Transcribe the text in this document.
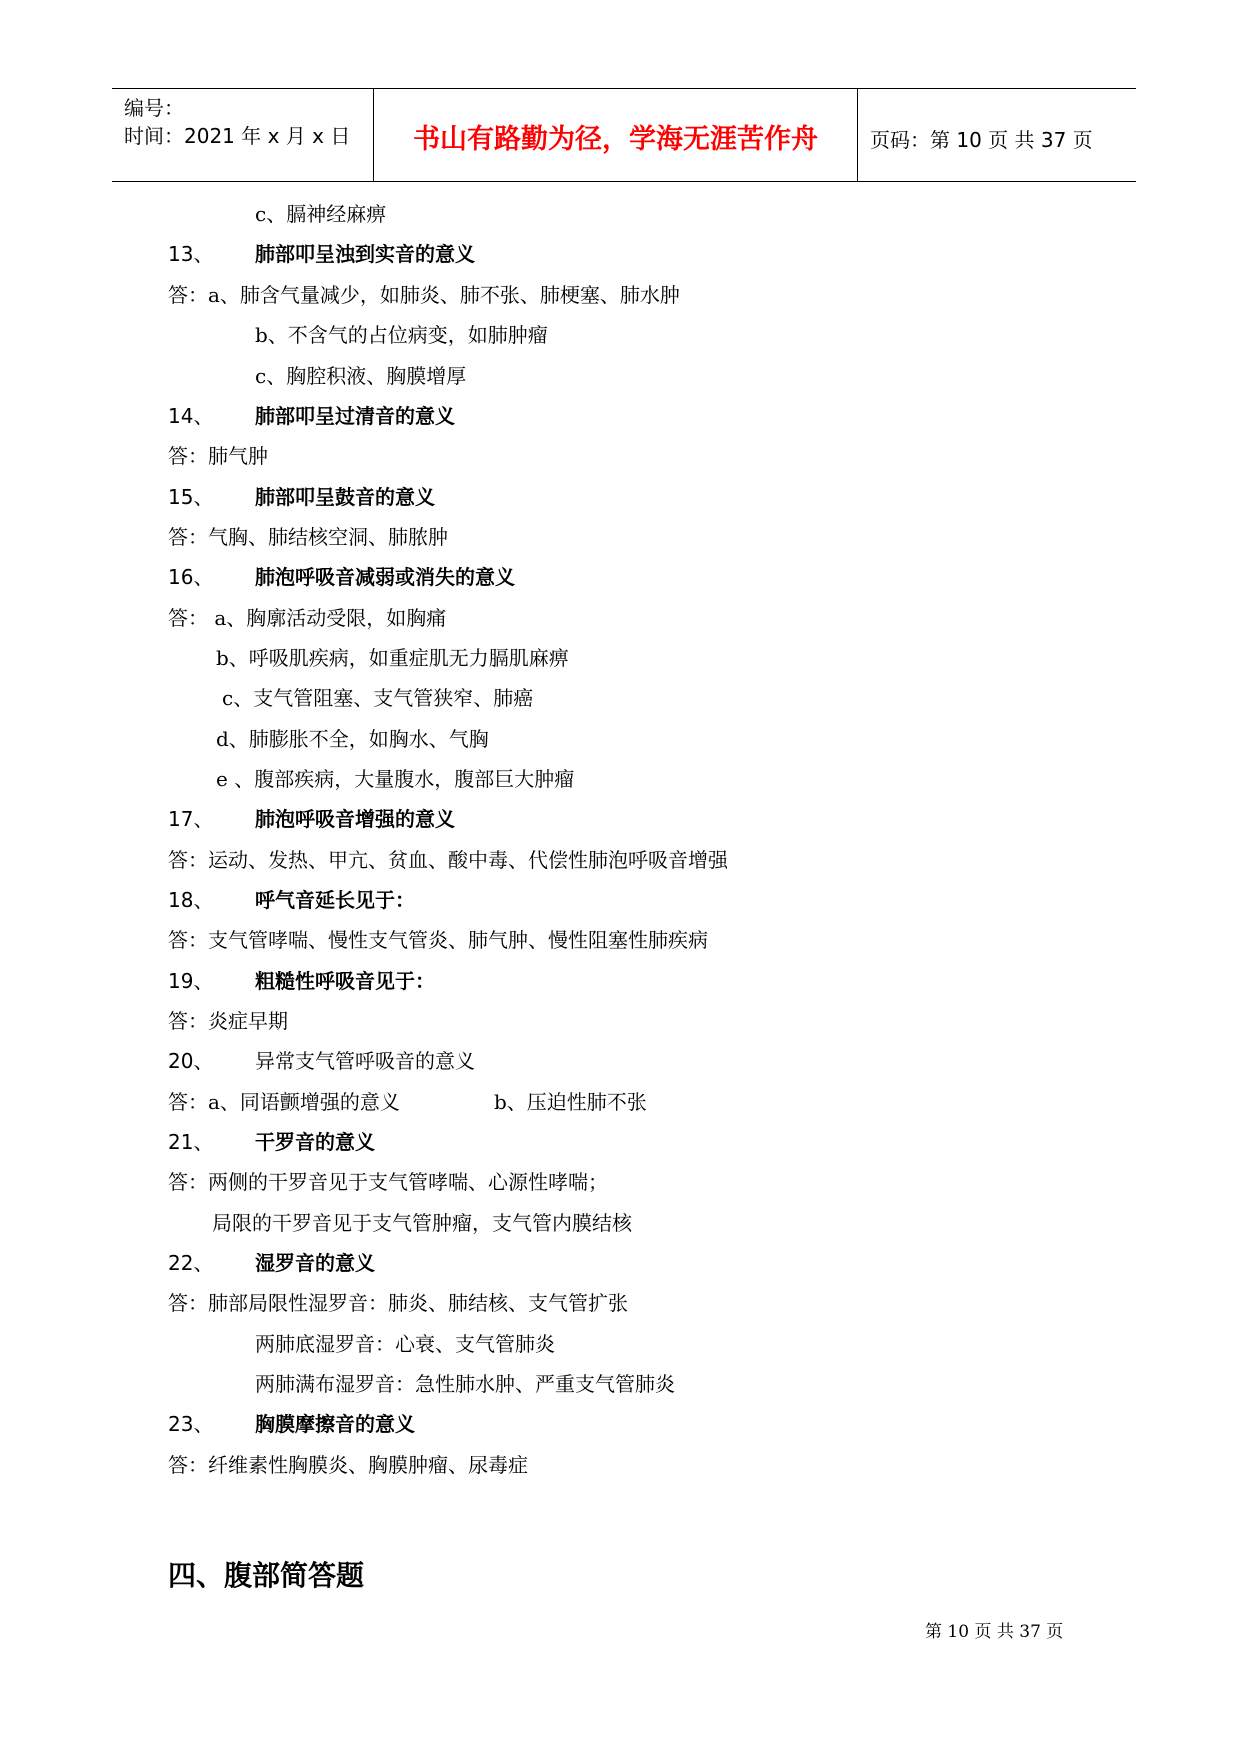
编号：
时间：2021 年 x 月 x 日	书山有路勤为径，学海无涯苦作舟	页码：第 10 页 共 37 页
c、膈神经麻痹
13、 肺部叩呈浊到实音的意义
答：a、肺含气量减少，如肺炎、肺不张、肺梗塞、肺水肿
b、不含气的占位病变，如肺肿瘤
c、胸腔积液、胸膜增厚
14、 肺部叩呈过清音的意义
答：肺气肿
15、 肺部叩呈鼓音的意义
答：气胸、肺结核空洞、肺脓肿
16、 肺泡呼吸音减弱或消失的意义
答： a、胸廓活动受限，如胸痛
b、呼吸肌疾病，如重症肌无力膈肌麻痹
c、支气管阻塞、支气管狭窄、肺癌
d、肺膨胀不全，如胸水、气胸
e 、腹部疾病，大量腹水，腹部巨大肿瘤
17、 肺泡呼吸音增强的意义
答：运动、发热、甲亢、贫血、酸中毒、代偿性肺泡呼吸音增强
18、 呼气音延长见于：
答：支气管哮喘、慢性支气管炎、肺气肿、慢性阻塞性肺疾病
19、 粗糙性呼吸音见于：
答：炎症早期
20、 异常支气管呼吸音的意义
答：a、同语颤增强的意义	b、压迫性肺不张
21、 干罗音的意义
答：两侧的干罗音见于支气管哮喘、心源性哮喘；
局限的干罗音见于支气管肿瘤，支气管内膜结核
22、 湿罗音的意义
答：肺部局限性湿罗音：肺炎、肺结核、支气管扩张
两肺底湿罗音：心衰、支气管肺炎
两肺满布湿罗音：急性肺水肿、严重支气管肺炎
23、 胸膜摩擦音的意义
答：纤维素性胸膜炎、胸膜肿瘤、尿毒症
四、腹部简答题
第 10 页 共 37 页
